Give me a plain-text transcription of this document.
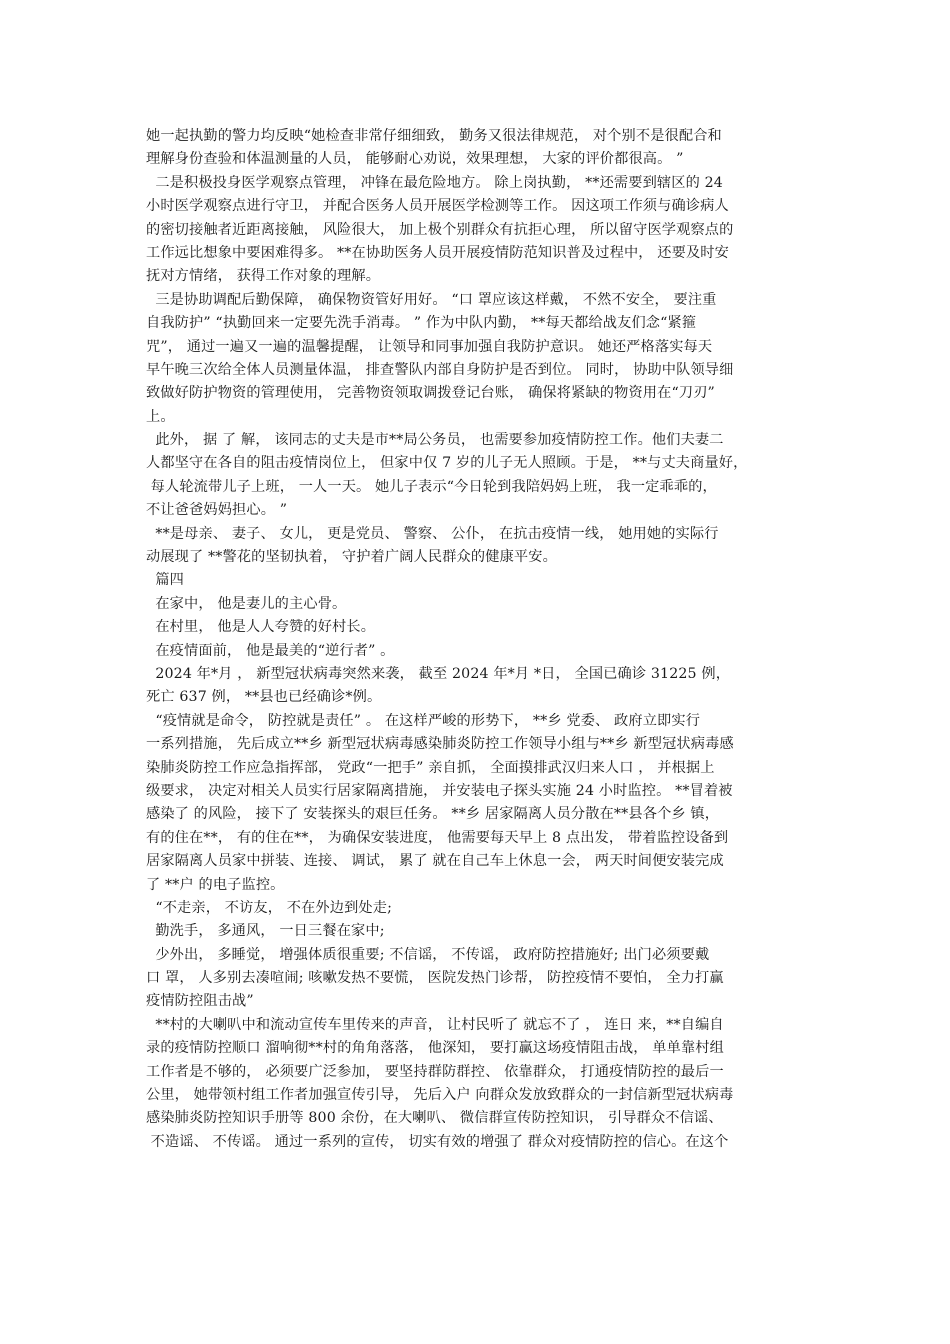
她一起执勤的警力均反映“她检查非常仔细细致， 勤务又很法律规范， 对个别不是很配合和
理解身份查验和体温测量的人员， 能够耐心劝说，效果理想， 大家的评价都很高。 ”
二是积极投身医学观察点管理， 冲锋在最危险地方。 除上岗执勤， **还需要到辖区的 24
小时医学观察点进行守卫， 并配合医务人员开展医学检测等工作。 因这项工作须与确诊病人
的密切接触者近距离接触， 风险很大， 加上极个别群众有抗拒心理， 所以留守医学观察点的
工作远比想象中要困难得多。 **在协助医务人员开展疫情防范知识普及过程中， 还要及时安
抚对方情绪， 获得工作对象的理解。
三是协助调配后勤保障， 确保物资管好用好。 “口 罩应该这样戴， 不然不安全， 要注重
自我防护” “执勤回来一定要先洗手消毒。 ” 作为中队内勤， **每天都给战友们念“紧箍
咒”， 通过一遍又一遍的温馨提醒， 让领导和同事加强自我防护意识。 她还严格落实每天
早午晚三次给全体人员测量体温， 排查警队内部自身防护是否到位。 同时， 协助中队领导细
致做好防护物资的管理使用， 完善物资领取调拨登记台账， 确保将紧缺的物资用在“刀刃”
上。
此外， 据 了 解， 该同志的丈夫是市**局公务员， 也需要参加疫情防控工作。他们夫妻二
人都坚守在各自的阻击疫情岗位上， 但家中仅 7 岁的儿子无人照顾。于是， **与丈夫商量好，
每人轮流带儿子上班， 一人一天。 她儿子表示“今日轮到我陪妈妈上班， 我一定乖乖的，
不让爸爸妈妈担心。 ”
**是母亲、 妻子、 女儿， 更是党员、 警察、 公仆， 在抗击疫情一线， 她用她的实际行
动展现了 **警花的坚韧执着， 守护着广阔人民群众的健康平安。
篇四
在家中， 他是妻儿的主心骨。
在村里， 他是人人夸赞的好村长。
在疫情面前， 他是最美的“逆行者” 。
2024 年*月 ， 新型冠状病毒突然来袭， 截至 2024 年*月 *日， 全国已确诊 31225 例，
死亡 637 例， **县也已经确诊*例。
“疫情就是命令， 防控就是责任” 。 在这样严峻的形势下， **乡 党委、 政府立即实行
一系列措施， 先后成立**乡 新型冠状病毒感染肺炎防控工作领导小组与**乡 新型冠状病毒感
染肺炎防控工作应急指挥部， 党政“一把手” 亲自抓， 全面摸排武汉归来人口 ， 并根据上
级要求， 决定对相关人员实行居家隔离措施， 并安装电子探头实施 24 小时监控。 **冒着被
感染了 的风险， 接下了 安装探头的艰巨任务。 **乡 居家隔离人员分散在**县各个乡 镇，
有的住在**， 有的住在**， 为确保安装进度， 他需要每天早上 8 点出发， 带着监控设备到
居家隔离人员家中拼装、连接、 调试， 累了 就在自己车上休息一会， 两天时间便安装完成
了 **户 的电子监控。
“不走亲， 不访友， 不在外边到处走;
勤洗手， 多通风， 一日三餐在家中;
少外出， 多睡觉， 增强体质很重要; 不信谣， 不传谣， 政府防控措施好; 出门必须要戴
口 罩， 人多别去凑喧闹; 咳嗽发热不要慌， 医院发热门诊帮， 防控疫情不要怕， 全力打赢
疫情防控阻击战”
**村的大喇叭中和流动宣传车里传来的声音， 让村民听了 就忘不了 ， 连日 来，**自编自
录的疫情防控顺口 溜响彻**村的角角落落， 他深知， 要打赢这场疫情阻击战， 单单靠村组
工作者是不够的， 必须要广泛参加， 要坚持群防群控、 依靠群众， 打通疫情防控的最后一
公里， 她带领村组工作者加强宣传引导， 先后入户 向群众发放致群众的一封信新型冠状病毒
感染肺炎防控知识手册等 800 余份，在大喇叭、 微信群宣传防控知识， 引导群众不信谣、
不造谣、 不传谣。 通过一系列的宣传， 切实有效的增强了 群众对疫情防控的信心。在这个
